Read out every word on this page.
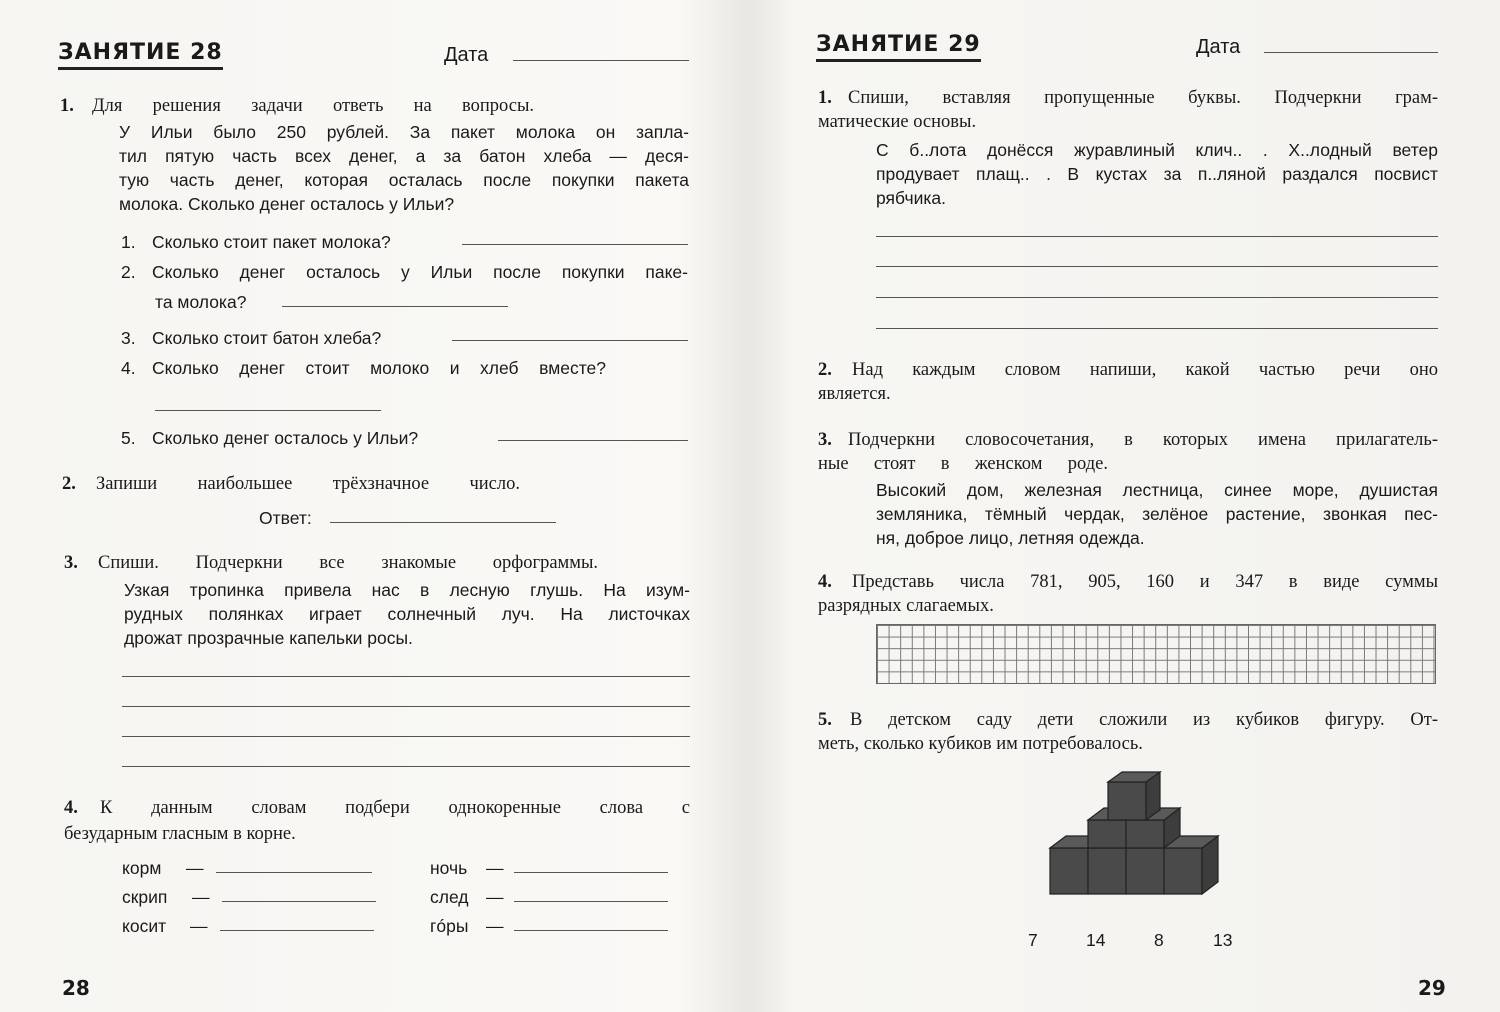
ЗАНЯТИЕ 28	Дата
1. Для решения задачи ответь на вопросы.
У Ильи было 250 рублей. За пакет молока он запла-
тил пятую часть всех денег, а за батон хлеба — деся-
тую часть денег, которая осталась после покупки пакета
молока. Сколько денег осталось у Ильи?
1. Сколько стоит пакет молока?
2. Сколько денег осталось у Ильи после покупки паке-
та молока?
3. Сколько стоит батон хлеба?
4. Сколько денег стоит молоко и хлеб вместе?
5. Сколько денег осталось у Ильи?
2. Запиши наибольшее трёхзначное число.
Ответ:
3. Спиши. Подчеркни все знакомые орфограммы.
Узкая тропинка привела нас в лесную глушь. На изум-
рудных полянках играет солнечный луч. На листочках
дрожат прозрачные капельки росы.
4. К данным словам подбери однокоренные слова с
безударным гласным в корне.
корм —
скрип —
косит —
ночь —
след —
гóры —
28
ЗАНЯТИЕ 29	Дата
1. Спиши, вставляя пропущенные буквы. Подчеркни грам-
матические основы.
С б..лота донёсся журавлиный клич.. . Х..лодный ветер
продувает плащ.. . В кустах за п..ляной раздался посвист
рябчика.
2. Над каждым словом напиши, какой частью речи оно
является.
3. Подчеркни словосочетания, в которых имена прилагатель-
ные стоят в женском роде.
Высокий дом, железная лестница, синее море, душистая
земляника, тёмный чердак, зелёное растение, звонкая пес-
ня, доброе лицо, летняя одежда.
4. Представь числа 781, 905, 160 и 347 в виде суммы
разрядных слагаемых.
5. В детском саду дети сложили из кубиков фигуру. От-
меть, сколько кубиков им потребовалось.
7	14	8	13
29
